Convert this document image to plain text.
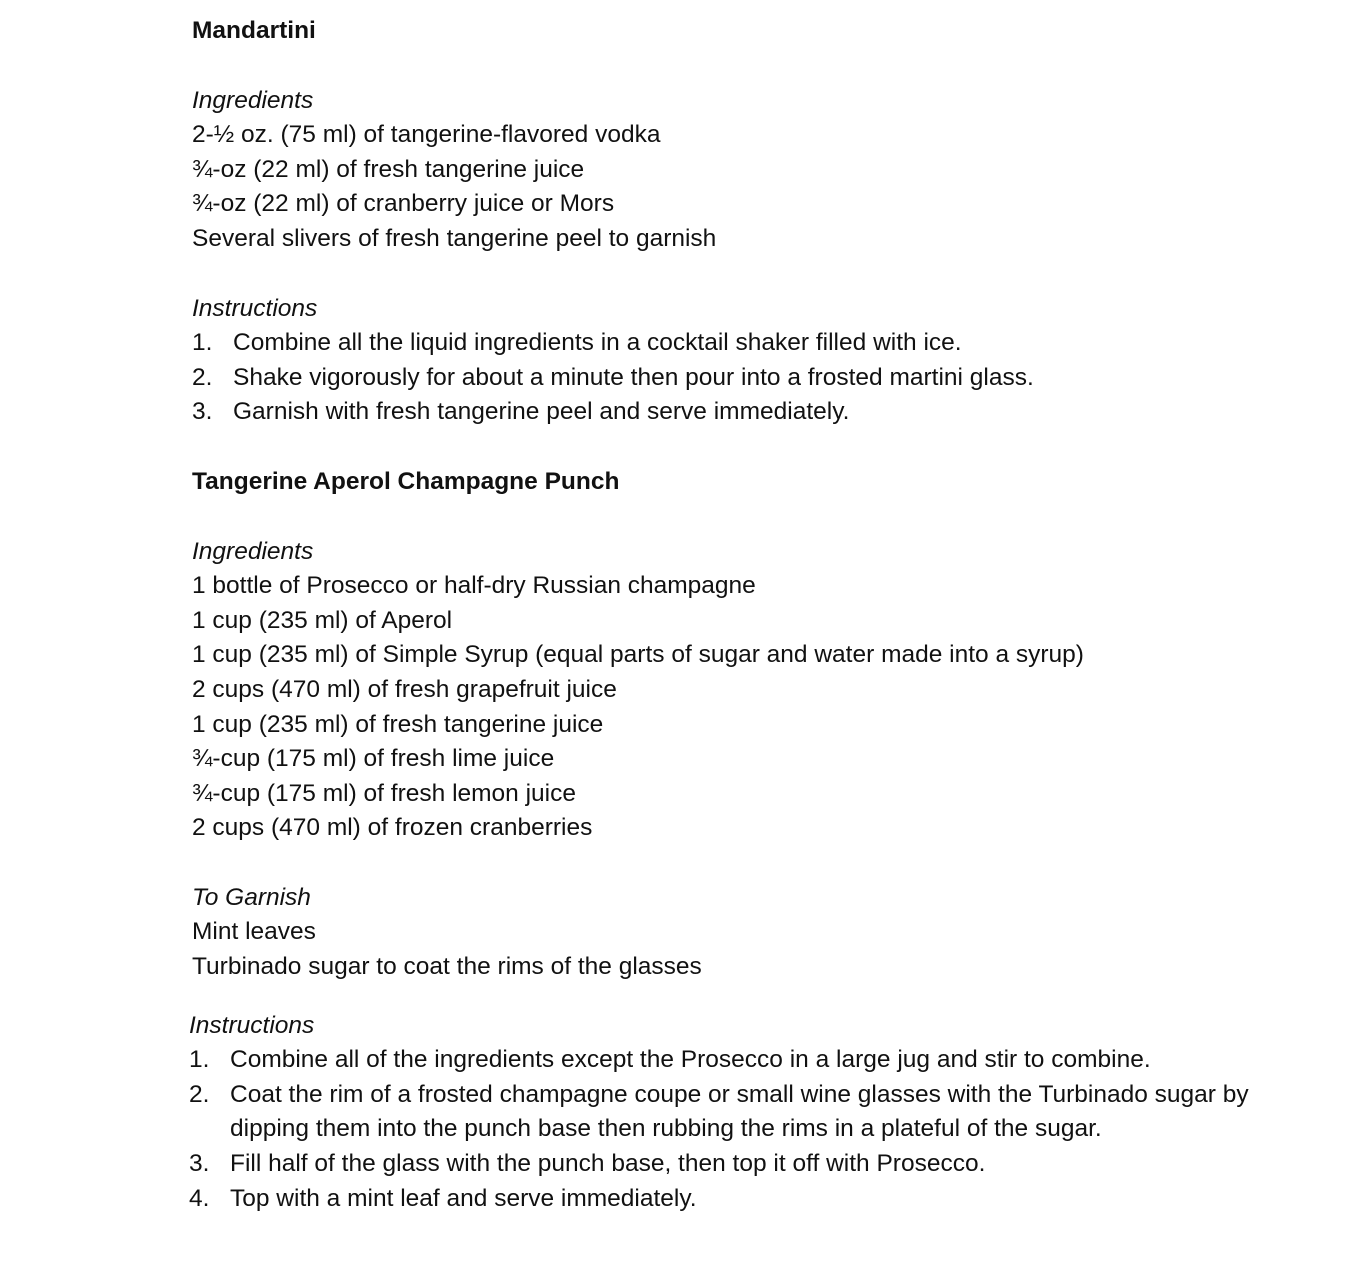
Mandartini

Ingredients

2-½ oz. (75 ml) of tangerine-flavored vodka

¾-oz (22 ml) of fresh tangerine juice

¾-oz (22 ml) of cranberry juice or Mors

Several slivers of fresh tangerine peel to garnish

Instructions

1. Combine all the liquid ingredients in a cocktail shaker filled with ice.
2. Shake vigorously for about a minute then pour into a frosted martini glass.
3. Garnish with fresh tangerine peel and serve immediately.

Tangerine Aperol Champagne Punch

Ingredients

1 bottle of Prosecco or half-dry Russian champagne

1 cup (235 ml) of Aperol

1 cup (235 ml) of Simple Syrup (equal parts of sugar and water made into a syrup)

2 cups (470 ml) of fresh grapefruit juice

1 cup (235 ml) of fresh tangerine juice

¾-cup (175 ml) of fresh lime juice

¾-cup (175 ml) of fresh lemon juice

2 cups (470 ml) of frozen cranberries

To Garnish

Mint leaves

Turbinado sugar to coat the rims of the glasses

Instructions

1. Combine all of the ingredients except the Prosecco in a large jug and stir to combine.
2. Coat the rim of a frosted champagne coupe or small wine glasses with the Turbinado sugar by dipping them into the punch base then rubbing the rims in a plateful of the sugar.
3. Fill half of the glass with the punch base, then top it off with Prosecco.
4. Top with a mint leaf and serve immediately.
